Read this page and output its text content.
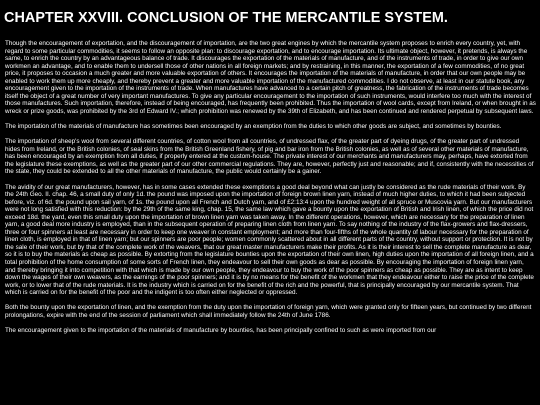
CHAPTER XXVIII. CONCLUSION OF THE MERCANTILE SYSTEM.

Though the encouragement of exportation, and the discouragement of importation, are the two great engines by which the mercantile system proposes to enrich every country, yet, with regard to some particular commodities, it seems to follow an opposite plan: to discourage exportation, and to encourage importation. Its ultimate object, however, it pretends, is always the same, to enrich the country by an advantageous balance of trade. It discourages the exportation of the materials of manufacture, and of the instruments of trade, in order to give our own workmen an advantage, and to enable them to undersell those of other nations in all foreign markets; and by restraining, in this manner, the exportation of a few commodities, of no great price, it proposes to occasion a much greater and more valuable exportation of others. It encourages the importation of the materials of manufacture, in order that our own people may be enabled to work them up more cheaply, and thereby prevent a greater and more valuable importation of the manufactured commodities. I do not observe, at least in our statute book, any encouragement given to the importation of the instruments of trade. When manufactures have advanced to a certain pitch of greatness, the fabrication of the instruments of trade becomes itself the object of a great number of very important manufactures. To give any particular encouragement to the importation of such instruments, would interfere too much with the interest of those manufactures. Such importation, therefore, instead of being encouraged, has frequently been prohibited. Thus the importation of wool cards, except from Ireland, or when brought in as wreck or prize goods, was prohibited by the 3rd of Edward IV.; which prohibition was renewed by the 39th of Elizabeth, and has been continued and rendered perpetual by subsequent laws.

The importation of the materials of manufacture has sometimes been encouraged by an exemption from the duties to which other goods are subject, and sometimes by bounties.

The importation of sheep's wool from several different countries, of cotton wool from all countries, of undressed flax, of the greater part of dyeing drugs, of the greater part of undressed hides from Ireland, or the British colonies, of seal skins from the British Greenland fishery, of pig and bar iron from the British colonies, as well as of several other materials of manufacture, has been encouraged by an exemption from all duties, if properly entered at the custom-house. The private interest of our merchants and manufacturers may, perhaps, have extorted from the legislature these exemptions, as well as the greater part of our other commercial regulations. They are, however, perfectly just and reasonable; and if, consistently with the necessities of the state, they could be extended to all the other materials of manufacture, the public would certainly be a gainer.

The avidity of our great manufacturers, however, has in some cases extended these exemptions a good deal beyond what can justly be considered as the rude materials of their work. By the 24th Geo. II. chap. 46, a small duty of only 1d. the pound was imposed upon the importation of foreign brown linen yarn, instead of much higher duties, to which it had been subjected before, viz. of 6d. the pound upon sail yarn, of 1s. the pound upon all French and Dutch yarn, and of £2:13:4 upon the hundred weight of all spruce or Muscovia yarn. But our manufacturers were not long satisfied with this reduction: by the 29th of the same king, chap. 15, the same law which gave a bounty upon the exportation of British and Irish linen, of which the price did not exceed 18d. the yard, even this small duty upon the importation of brown linen yarn was taken away. In the different operations, however, which are necessary for the preparation of linen yarn, a good deal more industry is employed, than in the subsequent operation of preparing linen cloth from linen yarn. To say nothing of the industry of the flax-growers and flax-dressers, three or four spinners at least are necessary in order to keep one weaver in constant employment; and more than four-fifths of the whole quantity of labour necessary for the preparation of linen cloth, is employed in that of linen yarn; but our spinners are poor people; women commonly scattered about in all different parts of the country, without support or protection. It is not by the sale of their work, but by that of the complete work of the weavers, that our great master manufacturers make their profits. As it is their interest to sell the complete manufacture as dear, so it is to buy the materials as cheap as possible. By extorting from the legislature bounties upon the exportation of their own linen, high duties upon the importation of all foreign linen, and a total prohibition of the home consumption of some sorts of French linen, they endeavour to sell their own goods as dear as possible. By encouraging the importation of foreign linen yarn, and thereby bringing it into competition with that which is made by our own people, they endeavour to buy the work of the poor spinners as cheap as possible. They are as intent to keep down the wages of their own weavers, as the earnings of the poor spinners; and it is by no means for the benefit of the workmen that they endeavour either to raise the price of the complete work, or to lower that of the rude materials. It is the industry which is carried on for the benefit of the rich and the powerful, that is principally encouraged by our mercantile system. That which is carried on for the benefit of the poor and the indigent is too often either neglected or oppressed.

Both the bounty upon the exportation of linen, and the exemption from the duty upon the importation of foreign yarn, which were granted only for fifteen years, but continued by two different prolongations, expire with the end of the session of parliament which shall immediately follow the 24th of June 1786.

The encouragement given to the importation of the materials of manufacture by bounties, has been principally confined to such as were imported from our
